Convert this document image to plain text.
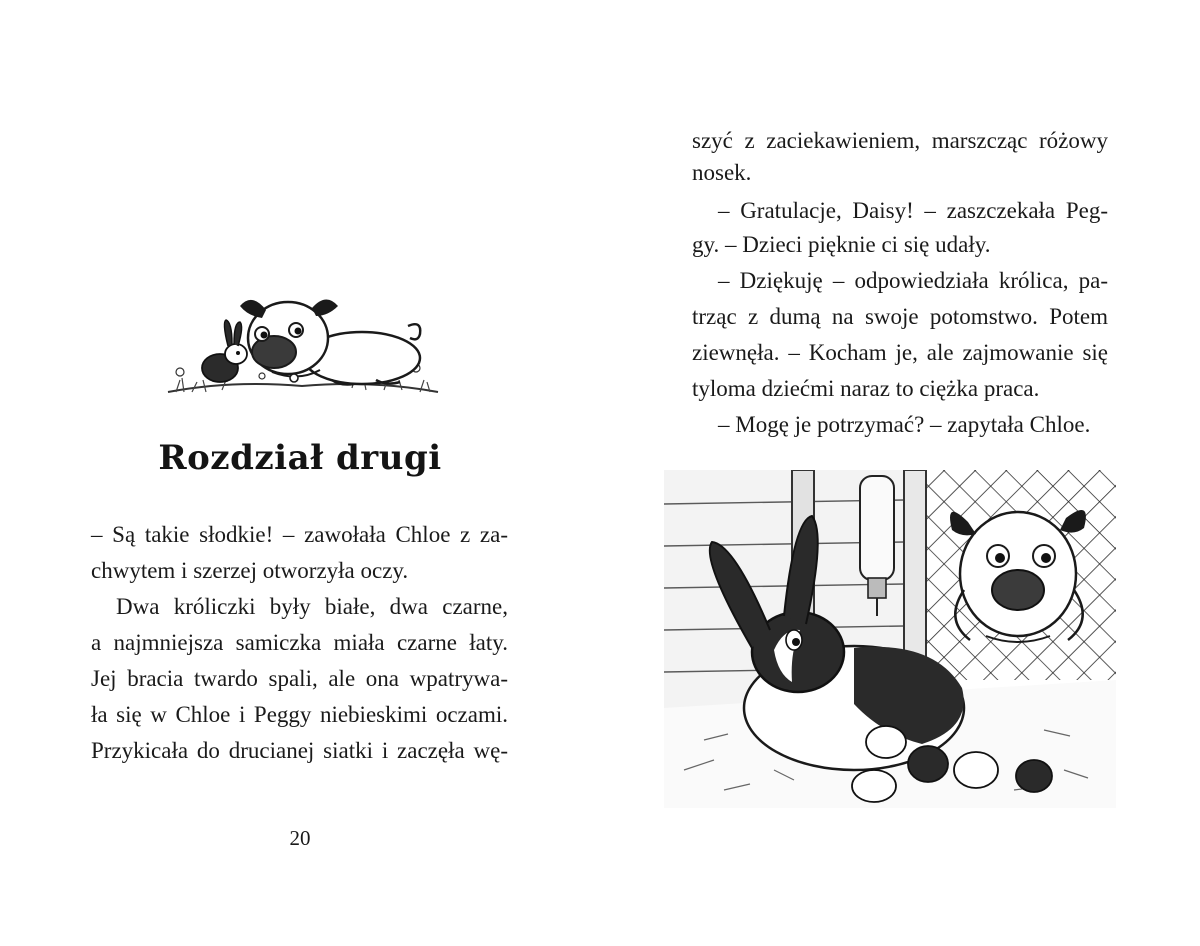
Rozdział drugi
– Są takie słodkie! – zawołała Chloe z za-
chwytem i szerzej otworzyła oczy.
Dwa króliczki były białe, dwa czarne,
a najmniejsza samiczka miała czarne łaty.
Jej bracia twardo spali, ale ona wpatrywa-
ła się w Chloe i Peggy niebieskimi oczami.
Przykicała do drucianej siatki i zaczęła wę-
20
szyć z zaciekawieniem, marszcząc różowy
nosek.
– Gratulacje, Daisy! – zaszczekała Peg-
gy. – Dzieci pięknie ci się udały.
– Dziękuję – odpowiedziała królica, pa-
trząc z dumą na swoje potomstwo. Potem
ziewnęła. – Kocham je, ale zajmowanie się
tyloma dziećmi naraz to ciężka praca.
– Mogę je potrzymać? – zapytała Chloe.
